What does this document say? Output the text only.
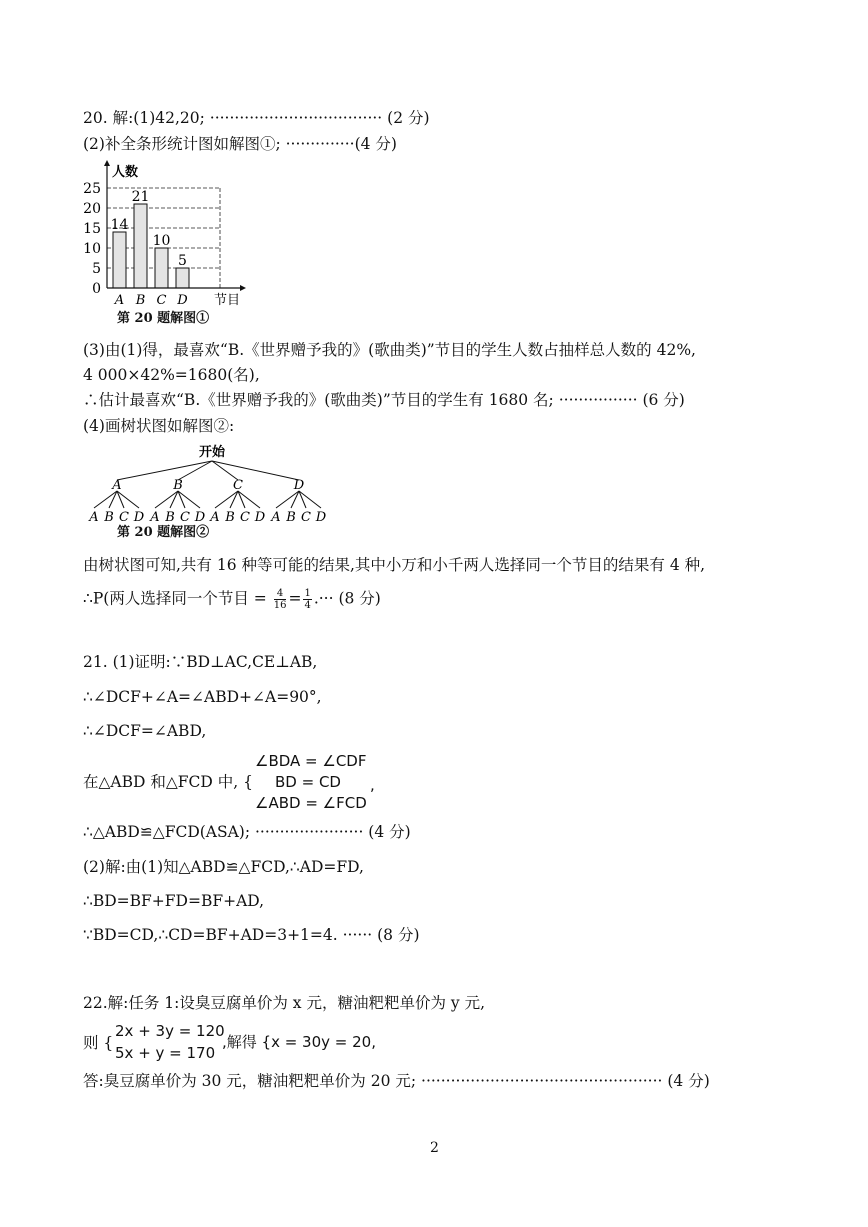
20. 解:(1)42,20; ··································· (2 分)
(2)补全条形统计图如解图①; ··············(4 分)
0
5
10
15
20
25
14
A
21
B
10
C
5
D
人数
节目
第 20 题解图①
(3)由(1)得，最喜欢“B.《世界赠予我的》(歌曲类)”节目的学生人数占抽样总人数的 42%,
4 000×42%=1680(名),
∴估计最喜欢“B.《世界赠予我的》(歌曲类)”节目的学生有 1680 名; ················ (6 分)
(4)画树状图如解图②:
开始
A	B	C	D
A B C D A B C D A B C D A B C D
第 20 题解图②
由树状图可知,共有 16 种等可能的结果,其中小万和小千两人选择同一个节目的结果有 4 种,
∴P(两人选择同一个节目 = $\frac{4}{16} = \frac{1}{4}$ .··· (8 分)
21. (1)证明:∵BD⊥AC,CE⊥AB,
∴∠DCF+∠A=∠ABD+∠A=90°,
∴∠DCF=∠ABD,
在△ABD 和△FCD 中, {
∠BDA = ∠CDF
BD = CD ,
∠ABD = ∠FCD
∴△ABD≌△FCD(ASA); ······················ (4 分)
(2)解:由(1)知△ABD≌△FCD,∴AD=FD,
∴BD=BF+FD=BF+AD,
∵BD=CD,∴CD=BF+AD=3+1=4. ······ (8 分)
22.解:任务 1:设臭豆腐单价为 x 元，糖油粑粑单价为 y 元,
则 {
2x + 3y = 120
5x + y = 170
,解得 {x = 30y = 20,
答:臭豆腐单价为 30 元，糖油粑粑单价为 20 元; ················································· (4 分)
2
